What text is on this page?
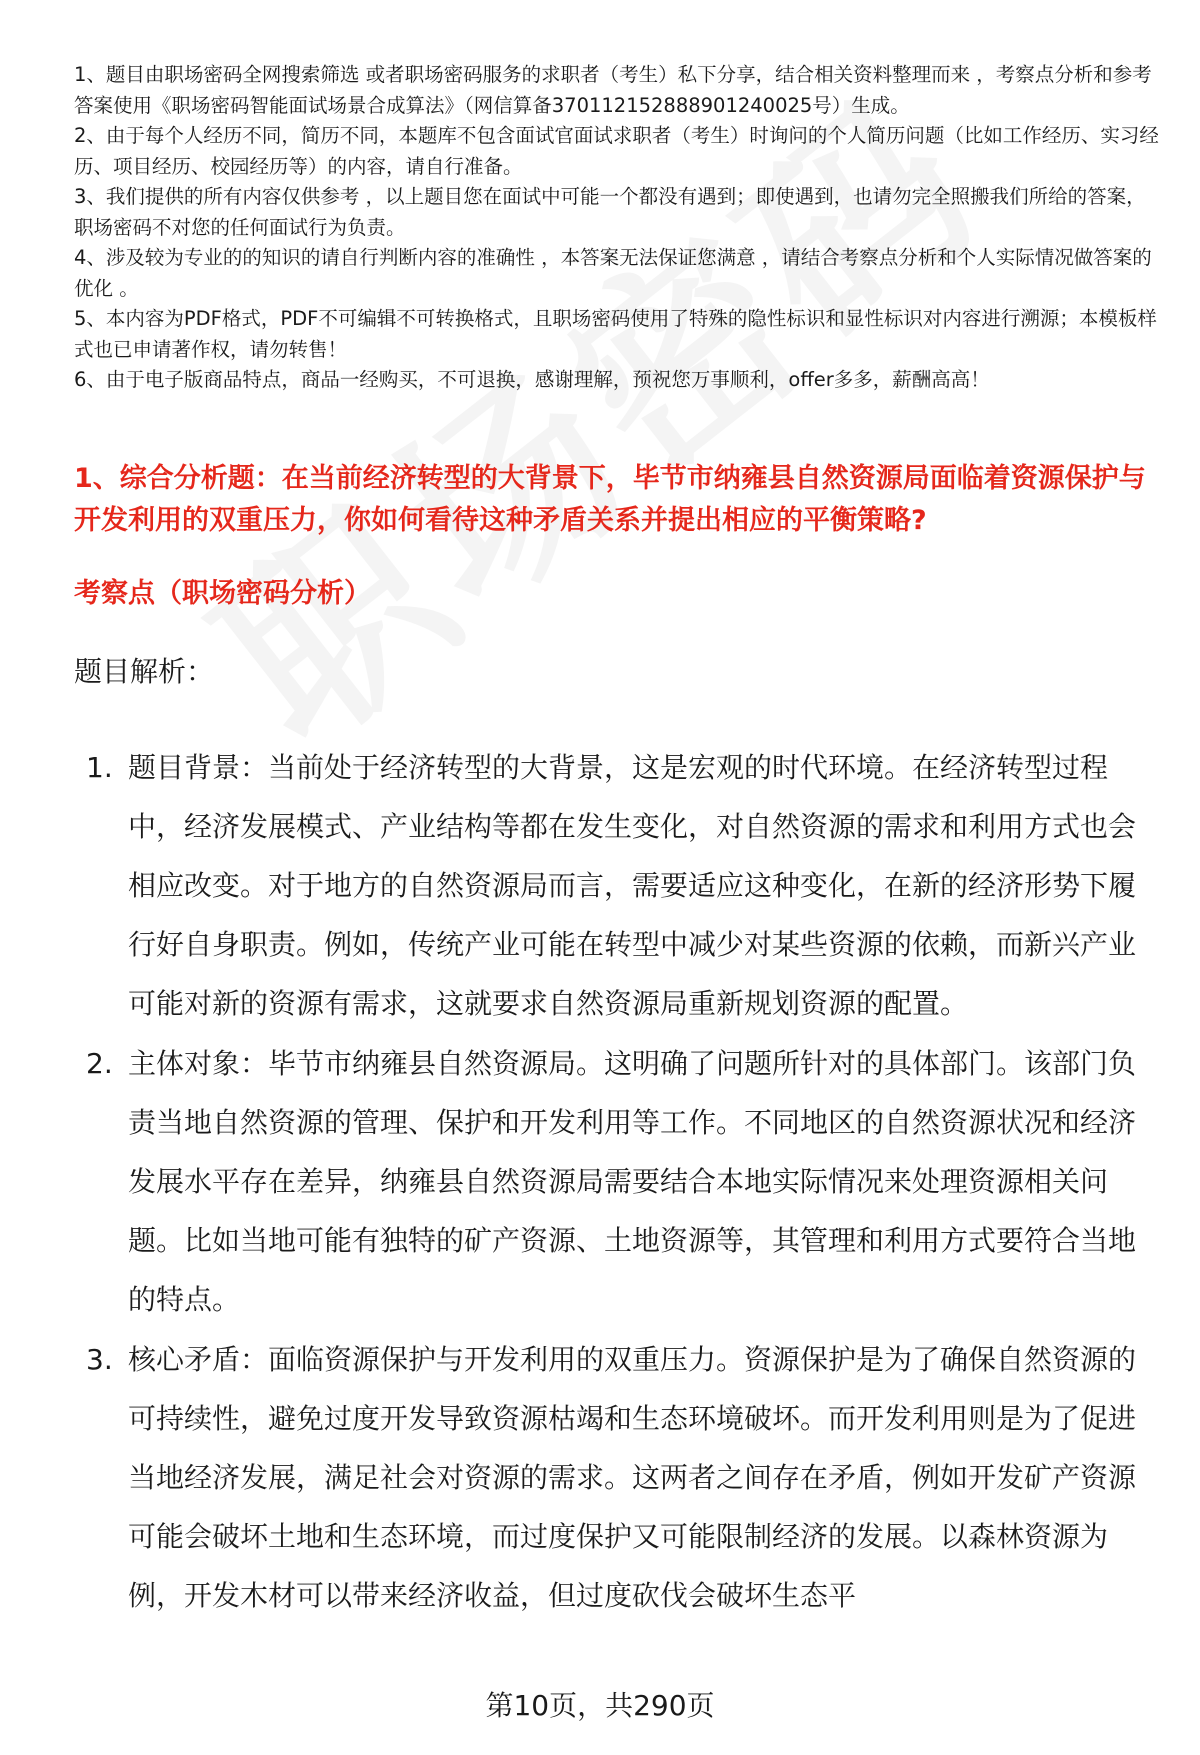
1、题目由职场密码全网搜索筛选 或者职场密码服务的求职者（考生）私下分享，结合相关资料整理而来 ，考察点分析和参考答案使用《职场密码智能面试场景合成算法》（网信算备370112152888901240025号）生成。

2、由于每个人经历不同，简历不同，本题库不包含面试官面试求职者（考生）时询问的个人简历问题（比如工作经历、实习经历、项目经历、校园经历等）的内容，请自行准备。

3、我们提供的所有内容仅供参考 ，以上题目您在面试中可能一个都没有遇到；即使遇到，也请勿完全照搬我们所给的答案，职场密码不对您的任何面试行为负责。

4、涉及较为专业的的知识的请自行判断内容的准确性 ，本答案无法保证您满意 ，请结合考察点分析和个人实际情况做答案的优化 。

5、本内容为PDF格式，PDF不可编辑不可转换格式，且职场密码使用了特殊的隐性标识和显性标识对内容进行溯源；本模板样式也已申请著作权，请勿转售！

6、由于电子版商品特点，商品一经购买，不可退换，感谢理解，预祝您万事顺利，offer多多，薪酬高高！

1、综合分析题：在当前经济转型的大背景下，毕节市纳雍县自然资源局面临着资源保护与开发利用的双重压力，你如何看待这种矛盾关系并提出相应的平衡策略?
考察点（职场密码分析）

题目解析：

1. 题目背景：当前处于经济转型的大背景，这是宏观的时代环境。在经济转型过程中，经济发展模式、产业结构等都在发生变化，对自然资源的需求和利用方式也会相应改变。对于地方的自然资源局而言，需要适应这种变化，在新的经济形势下履行好自身职责。例如，传统产业可能在转型中减少对某些资源的依赖，而新兴产业可能对新的资源有需求，这就要求自然资源局重新规划资源的配置。
2. 主体对象：毕节市纳雍县自然资源局。这明确了问题所针对的具体部门。该部门负责当地自然资源的管理、保护和开发利用等工作。不同地区的自然资源状况和经济发展水平存在差异，纳雍县自然资源局需要结合本地实际情况来处理资源相关问题。比如当地可能有独特的矿产资源、土地资源等，其管理和利用方式要符合当地的特点。
3. 核心矛盾：面临资源保护与开发利用的双重压力。资源保护是为了确保自然资源的可持续性，避免过度开发导致资源枯竭和生态环境破坏。而开发利用则是为了促进当地经济发展，满足社会对资源的需求。这两者之间存在矛盾，例如开发矿产资源可能会破坏土地和生态环境，而过度保护又可能限制经济的发展。以森林资源为例，开发木材可以带来经济收益，但过度砍伐会破坏生态平
第10页，共290页
